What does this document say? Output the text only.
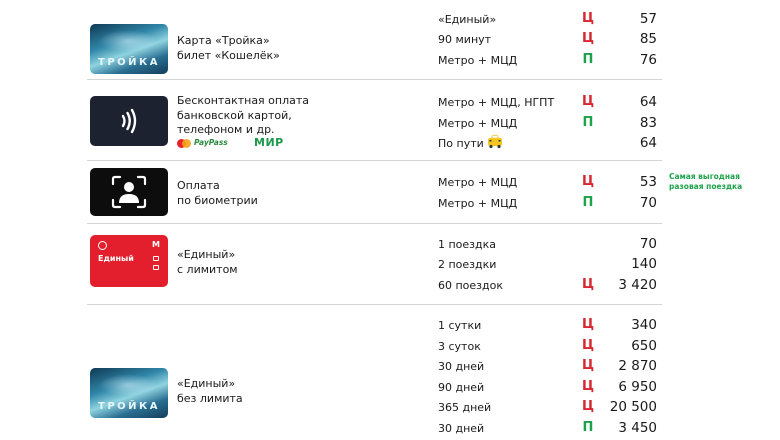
ТРОЙКА
Карта «Тройка»
билет «Кошелёк»
«Единый»	Ц	57
90 минут	Ц	85
Метро + МЦД	П	76
Бесконтактная оплата
банковской картой,
телефоном и др.
PayPass МИР
Метро + МЦД, НГПТ Ц	64
Метро + МЦД	П	83
По пути	64
Оплата
по биометрии
Метро + МЦД	Ц	53
Метро + МЦД	П	70
Самая выгодная
разовая поездка
М
Единый	«Единый»
с лимитом
1 поездка	70
2 поездки	140
60 поездок	Ц 3 420
ТРОЙКА
«Единый»
без лимита
1 сутки	Ц	340
3 суток	Ц	650
30 дней	Ц 2 870
90 дней	Ц 6 950
365 дней	Ц 20 500
30 дней	П 3 450
